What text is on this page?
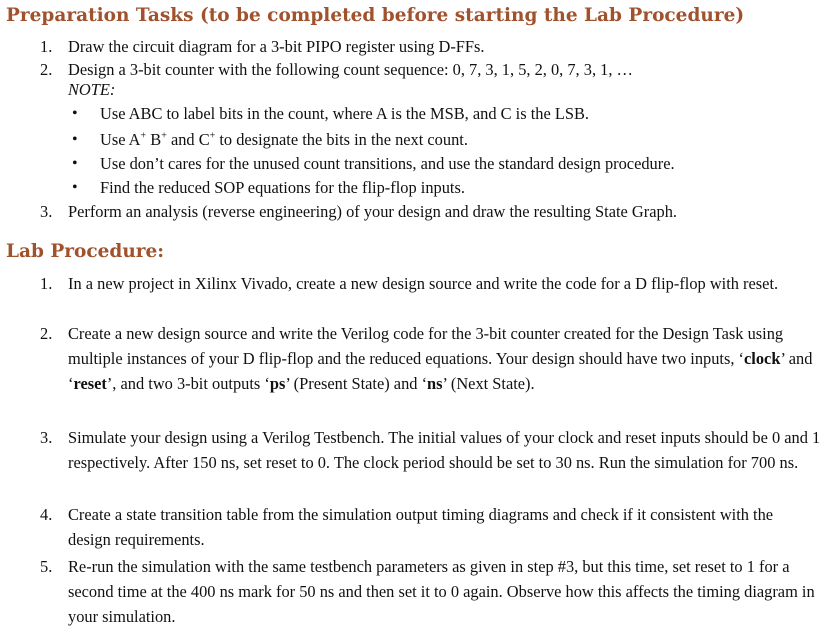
Preparation Tasks (to be completed before starting the Lab Procedure)
1. Draw the circuit diagram for a 3-bit PIPO register using D-FFs.
2. Design a 3-bit counter with the following count sequence: 0, 7, 3, 1, 5, 2, 0, 7, 3, 1, …
NOTE:
• Use ABC to label bits in the count, where A is the MSB, and C is the LSB.
• Use A+ B+ and C+ to designate the bits in the next count.
• Use don’t cares for the unused count transitions, and use the standard design procedure.
• Find the reduced SOP equations for the flip-flop inputs.
3. Perform an analysis (reverse engineering) of your design and draw the resulting State Graph.
Lab Procedure:
1. In a new project in Xilinx Vivado, create a new design source and write the code for a D flip-flop with reset.
2. Create a new design source and write the Verilog code for the 3-bit counter created for the Design Task using multiple instances of your D flip-flop and the reduced equations. Your design should have two inputs, ‘clock’ and ‘reset’, and two 3-bit outputs ‘ps’ (Present State) and ‘ns’ (Next State).
3. Simulate your design using a Verilog Testbench. The initial values of your clock and reset inputs should be 0 and 1 respectively. After 150 ns, set reset to 0. The clock period should be set to 30 ns. Run the simulation for 700 ns.
4. Create a state transition table from the simulation output timing diagrams and check if it consistent with the design requirements.
5. Re-run the simulation with the same testbench parameters as given in step #3, but this time, set reset to 1 for a second time at the 400 ns mark for 50 ns and then set it to 0 again. Observe how this affects the timing diagram in your simulation.
